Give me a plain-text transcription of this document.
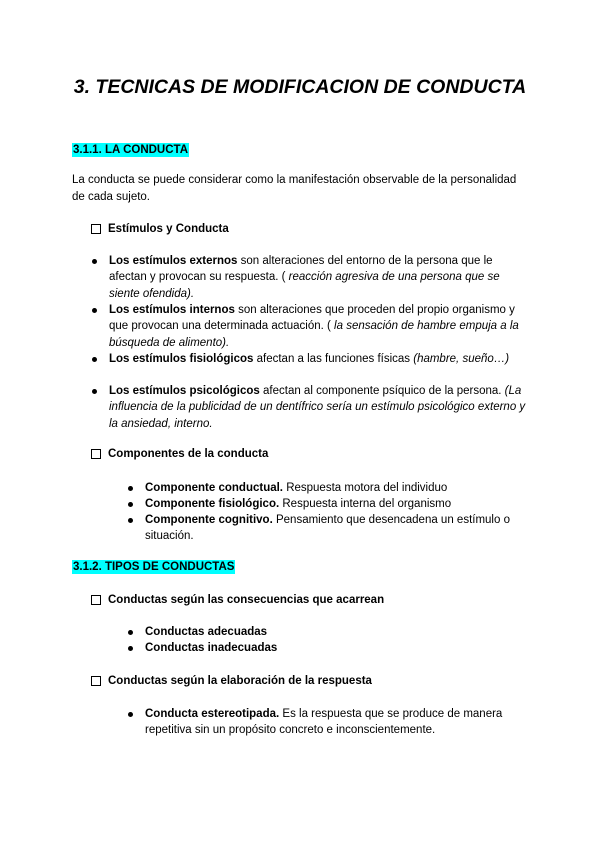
3. TECNICAS DE MODIFICACION DE CONDUCTA
3.1.1. LA CONDUCTA
La conducta se puede considerar como la manifestación observable de la personalidad de cada sujeto.
Estímulos y Conducta
Los estímulos externos son alteraciones del entorno de la persona que le afectan y provocan su respuesta. ( reacción agresiva de una persona que se siente ofendida).
Los estímulos internos son alteraciones que proceden del propio organismo y que provocan una determinada actuación. ( la sensación de hambre empuja a la búsqueda de alimento).
Los estímulos fisiológicos afectan a las funciones físicas (hambre, sueño…)
Los estímulos psicológicos afectan al componente psíquico de la persona. (La influencia de la publicidad de un dentífrico sería un estímulo psicológico externo y la ansiedad, interno.
Componentes de la conducta
Componente conductual. Respuesta motora del individuo
Componente fisiológico. Respuesta interna del organismo
Componente cognitivo. Pensamiento que desencadena un estímulo o situación.
3.1.2. TIPOS DE CONDUCTAS
Conductas según las consecuencias que acarrean
Conductas adecuadas
Conductas inadecuadas
Conductas según la elaboración de la respuesta
Conducta estereotipada. Es la respuesta que se produce de manera repetitiva sin un propósito concreto e inconscientemente.
